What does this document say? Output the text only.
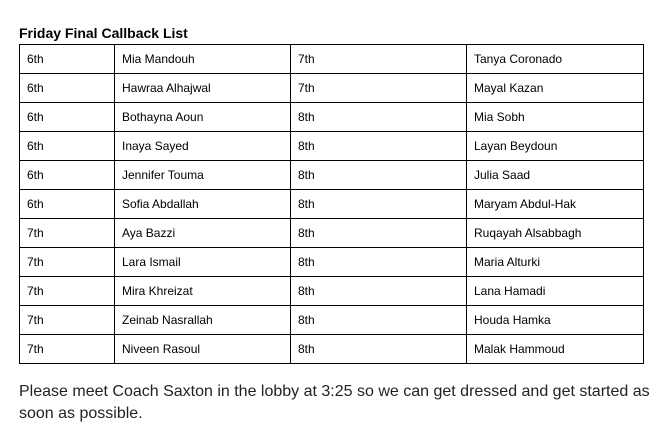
Friday Final Callback List
6th	Mia Mandouh	7th	Tanya Coronado
6th	Hawraa Alhajwal	7th	Mayal Kazan
6th	Bothayna Aoun	8th	Mia Sobh
6th	Inaya Sayed	8th	Layan Beydoun
6th	Jennifer Touma	8th	Julia Saad
6th	Sofia Abdallah	8th	Maryam Abdul-Hak
7th	Aya Bazzi	8th	Ruqayah Alsabbagh
7th	Lara Ismail	8th	Maria Alturki
7th	Mira Khreizat	8th	Lana Hamadi
7th	Zeinab Nasrallah	8th	Houda Hamka
7th	Niveen Rasoul	8th	Malak Hammoud

Please meet Coach Saxton in the lobby at 3:25 so we can get dressed and get started as soon as possible.
